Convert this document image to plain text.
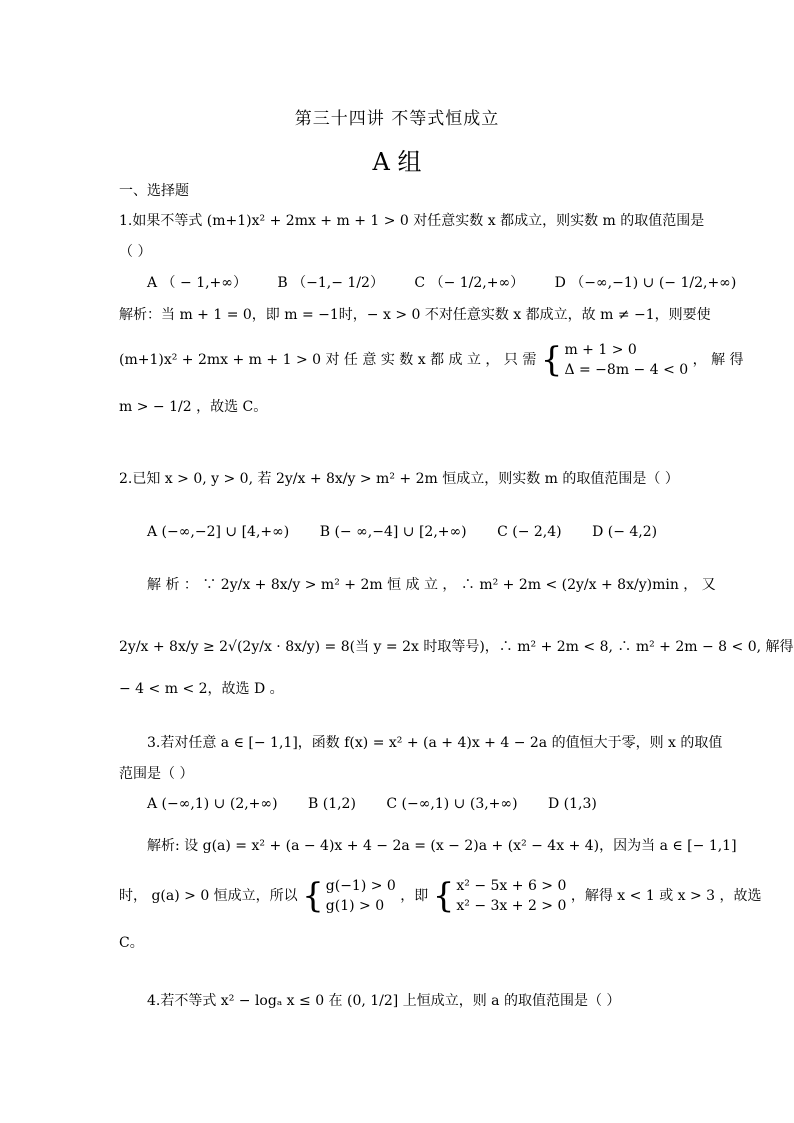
第三十四讲 不等式恒成立
A 组
一、选择题
1.如果不等式 (m+1)x² + 2mx + m + 1 > 0 对任意实数 x 都成立，则实数 m 的取值范围是
（ ）
A （ − 1,+∞） B （−1,− 1/2） C （− 1/2,+∞） D （−∞,−1) ∪ (− 1/2,+∞)
解析：当 m + 1 = 0，即 m = −1时，− x > 0 不对任意实数 x 都成立，故 m ≠ −1，则要使
(m+1)x² + 2mx + m + 1 > 0 对 任 意 实 数 x 都 成 立 ， 只 需 { m + 1 > 0
Δ = −8m − 4 < 0
， 解 得
m > − 1/2 ，故选 C。
2.已知 x > 0, y > 0, 若 2y/x + 8x/y > m² + 2m 恒成立，则实数 m 的取值范围是（ ）
A (−∞,−2] ∪ [4,+∞) B (− ∞,−4] ∪ [2,+∞) C (− 2,4) D (− 4,2)
解 析 ： ∵ 2y/x + 8x/y > m² + 2m 恒 成 立 ， ∴ m² + 2m < (2y/x + 8x/y)min ， 又
2y/x + 8x/y ≥ 2√(2y/x · 8x/y) = 8(当 y = 2x 时取等号)，∴ m² + 2m < 8, ∴ m² + 2m − 8 < 0, 解得
− 4 < m < 2，故选 D 。
3.若对任意 a ∈ [− 1,1]，函数 f(x) = x² + (a + 4)x + 4 − 2a 的值恒大于零，则 x 的取值
范围是（ ）
A (−∞,1) ∪ (2,+∞) B (1,2) C (−∞,1) ∪ (3,+∞) D (1,3)
解析: 设 g(a) = x² + (a − 4)x + 4 − 2a = (x − 2)a + (x² − 4x + 4)，因为当 a ∈ [− 1,1]
时， g(a) > 0 恒成立，所以 { g(−1) > 0
g(1) > 0
，即 { x² − 5x + 6 > 0
x² − 3x + 2 > 0
，解得 x < 1 或 x > 3 ，故选
C。
4.若不等式 x² − logₐ x ≤ 0 在 (0, 1/2] 上恒成立，则 a 的取值范围是（ ）
